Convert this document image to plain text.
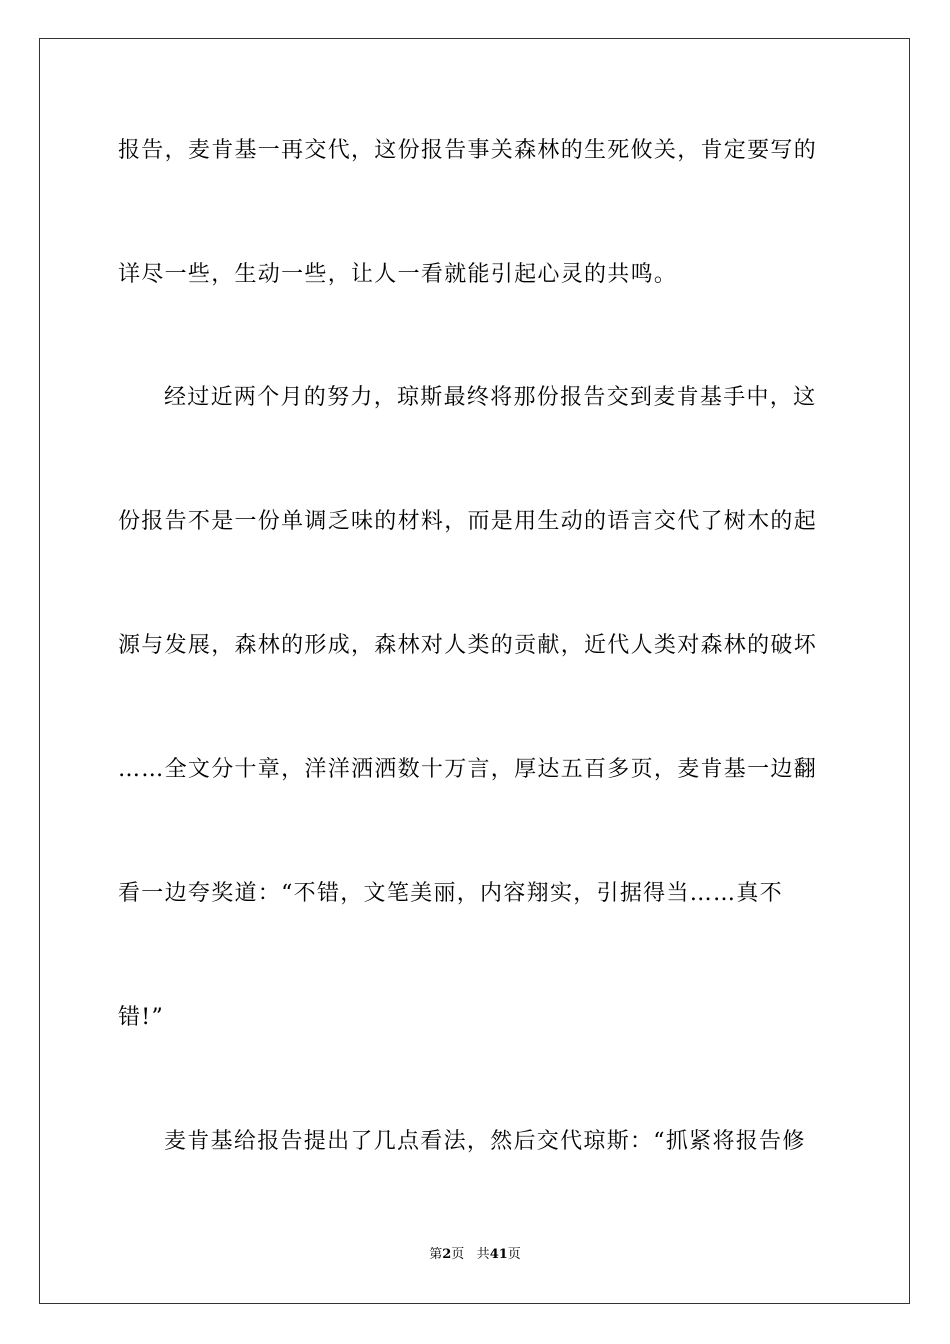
报告，麦肯基一再交代，这份报告事关森林的生死攸关，肯定要写的
详尽一些，生动一些，让人一看就能引起心灵的共鸣。
经过近两个月的努力，琼斯最终将那份报告交到麦肯基手中，这
份报告不是一份单调乏味的材料，而是用生动的语言交代了树木的起
源与发展，森林的形成，森林对人类的贡献，近代人类对森林的破坏
……全文分十章，洋洋洒洒数十万言，厚达五百多页，麦肯基一边翻
看一边夸奖道：“不错，文笔美丽，内容翔实，引据得当……真不
错!”
麦肯基给报告提出了几点看法，然后交代琼斯：“抓紧将报告修
第2页 共41页
